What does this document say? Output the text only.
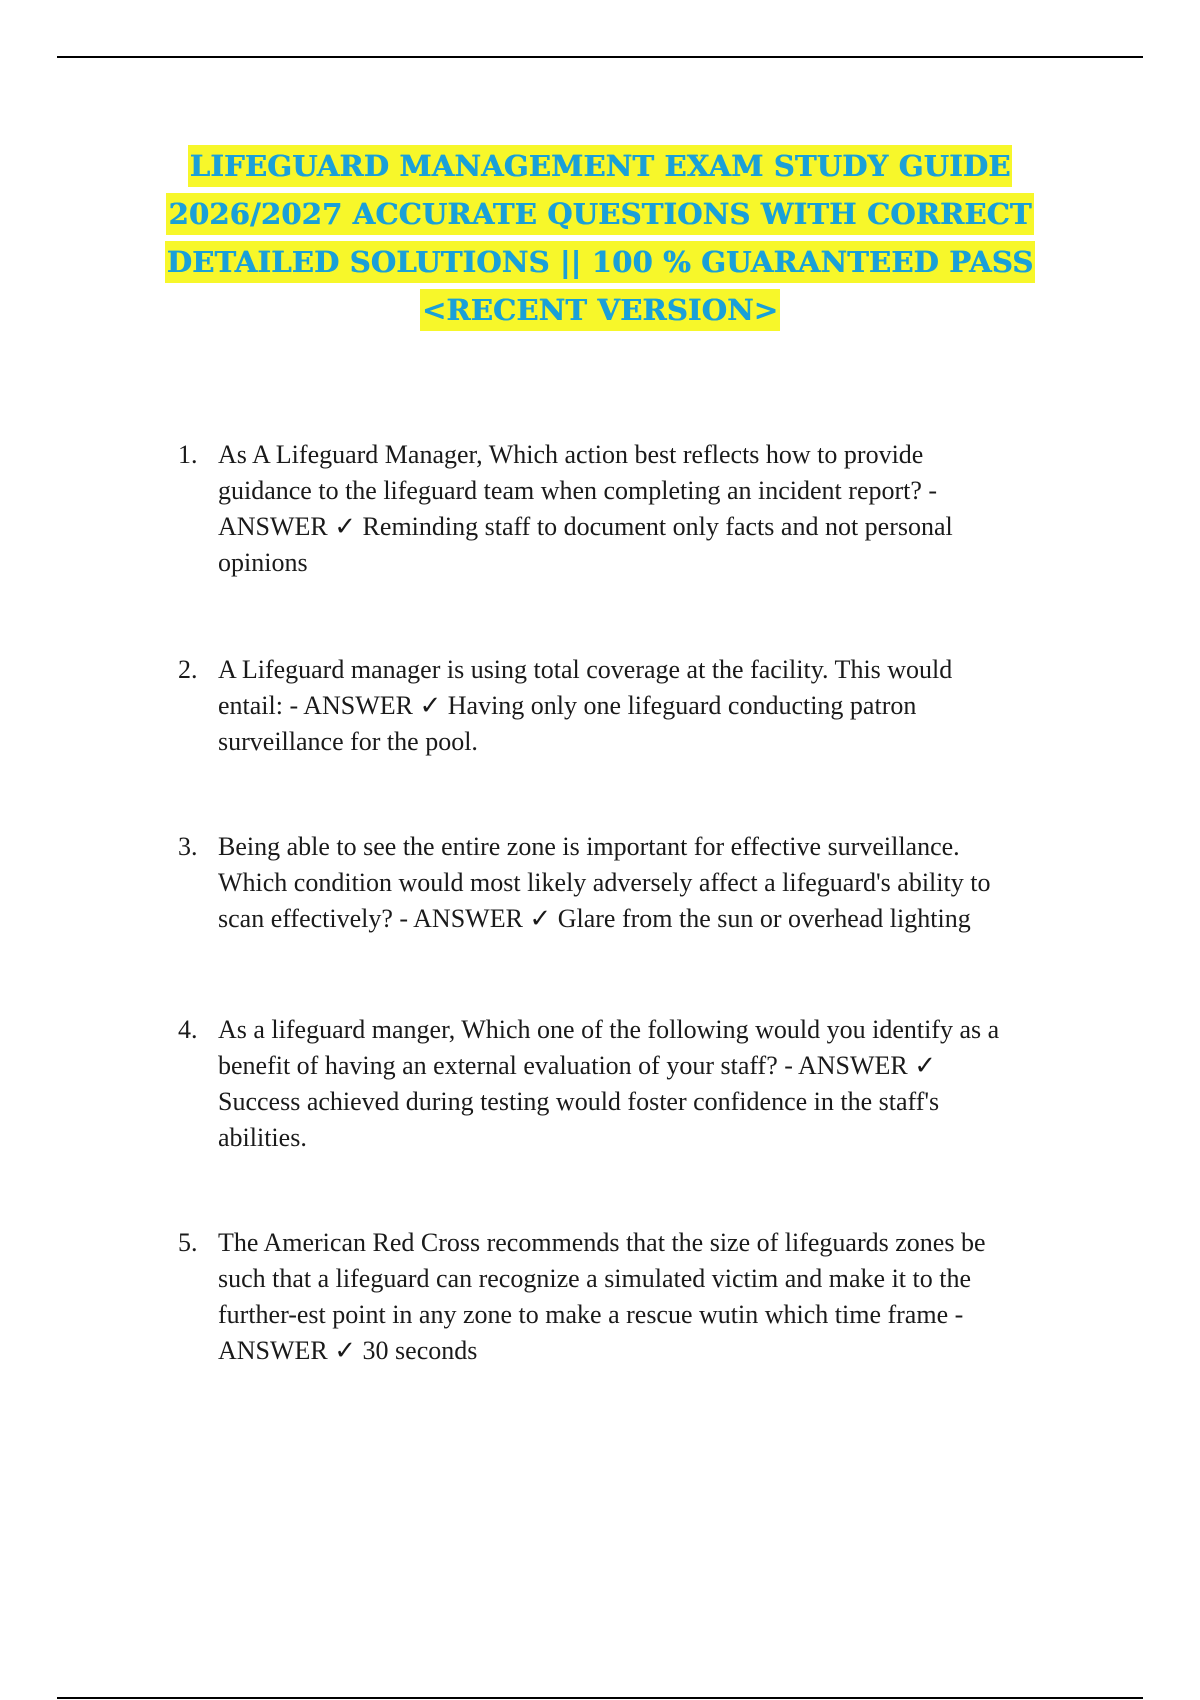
LIFEGUARD MANAGEMENT EXAM STUDY GUIDE
2026/2027 ACCURATE QUESTIONS WITH CORRECT
DETAILED SOLUTIONS || 100 % GUARANTEED PASS
<RECENT VERSION>
1. As A Lifeguard Manager, Which action best reflects how to provide
guidance to the lifeguard team when completing an incident report? -
ANSWER ✓ Reminding staff to document only facts and not personal
opinions
2. A Lifeguard manager is using total coverage at the facility. This would
entail: - ANSWER ✓ Having only one lifeguard conducting patron
surveillance for the pool.
3. Being able to see the entire zone is important for effective surveillance.
Which condition would most likely adversely affect a lifeguard's ability to
scan effectively? - ANSWER ✓ Glare from the sun or overhead lighting
4. As a lifeguard manger, Which one of the following would you identify as a
benefit of having an external evaluation of your staff? - ANSWER ✓
Success achieved during testing would foster confidence in the staff's
abilities.
5. The American Red Cross recommends that the size of lifeguards zones be
such that a lifeguard can recognize a simulated victim and make it to the
further-est point in any zone to make a rescue wutin which time frame -
ANSWER ✓ 30 seconds
